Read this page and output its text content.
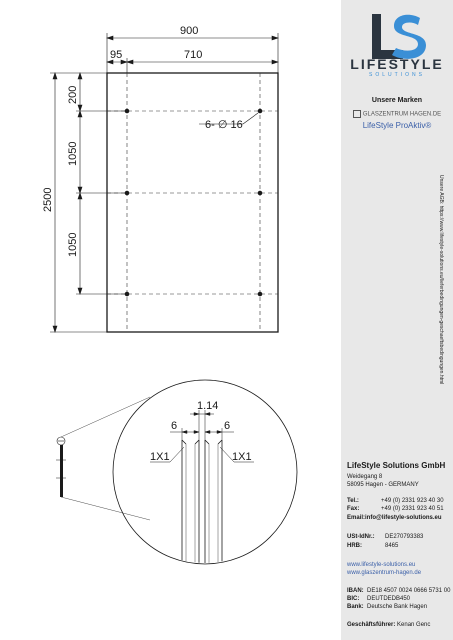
6- ∅ 16
900
95	710
2500
200
1050
1050
1.14
6	6
1X1	1X1
LIFESTYLE
SOLUTIONS
Unsere Marken
GLASZENTRUM HAGEN.DE
LifeStyle ProAktiv®
Unsere AGB: https://www.lifestyle-solutions.eu/lieferbedingungen-geschaeftsbedingungen.html
LifeStyle Solutions GmbH
Weidegang 8
58095 Hagen - GERMANY
Tel.:	+49 (0) 2331 923 40 30
Fax:	+49 (0) 2331 923 40 51
Email:info@lifestyle-solutions.eu
USt-IdNr.: DE270793383
HRB:	8465
www.lifestyle-solutions.eu
www.glaszentrum-hagen.de
IBAN: DE18 4507 0024 0666 5731 00
BIC: DEUTDEDB450
Bank: Deutsche Bank Hagen
Geschäftsführer: Kenan Genc
